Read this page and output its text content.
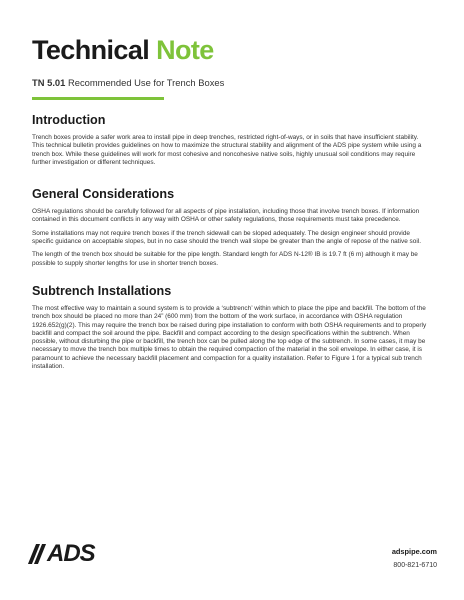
Technical Note
TN 5.01 Recommended Use for Trench Boxes
Introduction

Trench boxes provide a safer work area to install pipe in deep trenches, restricted right-of-ways, or in soils that have insufficient stability. This technical bulletin provides guidelines on how to maximize the structural stability and alignment of the ADS pipe system while using a trench box. While these guidelines will work for most cohesive and noncohesive native soils, highly unusual soil conditions may require further investigation or different techniques.

General Considerations

OSHA regulations should be carefully followed for all aspects of pipe installation, including those that involve trench boxes. If information contained in this document conflicts in any way with OSHA or other safety regulations, those requirements must take precedence.

Some installations may not require trench boxes if the trench sidewall can be sloped adequately. The design engineer should provide specific guidance on acceptable slopes, but in no case should the trench wall slope be greater than the angle of repose of the native soil.

The length of the trench box should be suitable for the pipe length. Standard length for ADS N-12® IB is 19.7 ft (6 m) although it may be possible to supply shorter lengths for use in shorter trench boxes.

Subtrench Installations

The most effective way to maintain a sound system is to provide a ‘subtrench’ within which to place the pipe and backfill. The bottom of the trench box should be placed no more than 24” (600 mm) from the bottom of the work surface, in accordance with OSHA regulation 1926.652(g)(2). This may require the trench box be raised during pipe installation to conform with both OSHA requirements and to properly backfill and compact the soil around the pipe. Backfill and compact according to the design specifications within the subtrench. When possible, without disturbing the pipe or backfill, the trench box can be pulled along the top edge of the subtrench. In some cases, it may be necessary to move the trench box multiple times to obtain the required compaction of the material in the soil envelope. In either case, it is paramount to achieve the necessary backfill placement and compaction for a quality installation. Refer to Figure 1 for a typical sub trench installation.

ADS	adspipe.com
800-821-6710
